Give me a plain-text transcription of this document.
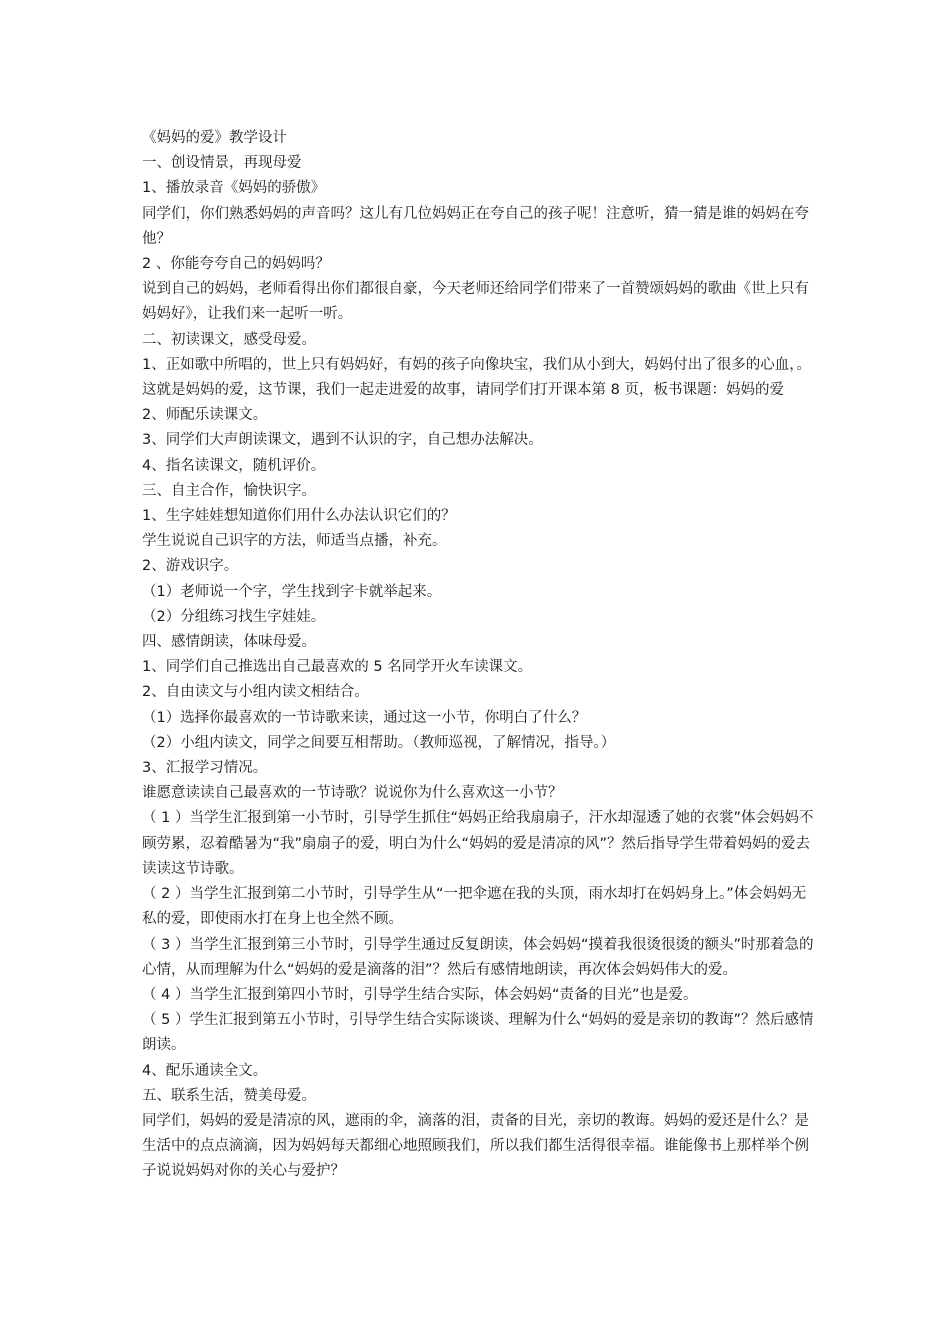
《妈妈的爱》教学设计

一、创设情景，再现母爱

1、播放录音《妈妈的骄傲》

同学们，你们熟悉妈妈的声音吗？这儿有几位妈妈正在夸自己的孩子呢！注意听，猜一猜是谁的妈妈在夸他？

2 、你能夸夸自己的妈妈吗？

说到自己的妈妈，老师看得出你们都很自豪，今天老师还给同学们带来了一首赞颂妈妈的歌曲《世上只有妈妈好》，让我们来一起听一听。

二、初读课文，感受母爱。

1、正如歌中所唱的，世上只有妈妈好，有妈的孩子向像块宝，我们从小到大，妈妈付出了很多的心血，。这就是妈妈的爱，这节课，我们一起走进爱的故事，请同学们打开课本第 8 页，板书课题：妈妈的爱

2、师配乐读课文。

3、同学们大声朗读课文，遇到不认识的字，自己想办法解决。

4、指名读课文，随机评价。

三、自主合作，愉快识字。

1、生字娃娃想知道你们用什么办法认识它们的？

学生说说自己识字的方法，师适当点播，补充。

2、游戏识字。

（1）老师说一个字，学生找到字卡就举起来。

（2）分组练习找生字娃娃。

四、感情朗读，体味母爱。

1、同学们自己推选出自己最喜欢的 5 名同学开火车读课文。

2、自由读文与小组内读文相结合。

（1）选择你最喜欢的一节诗歌来读，通过这一小节，你明白了什么？

（2）小组内读文，同学之间要互相帮助。（教师巡视，了解情况，指导。）

3、汇报学习情况。

谁愿意读读自己最喜欢的一节诗歌？说说你为什么喜欢这一小节？

（ 1 ）当学生汇报到第一小节时，引导学生抓住“妈妈正给我扇扇子，汗水却湿透了她的衣裳”体会妈妈不顾劳累，忍着酷暑为“我”扇扇子的爱，明白为什么“妈妈的爱是清凉的风”？然后指导学生带着妈妈的爱去读读这节诗歌。

（ 2 ）当学生汇报到第二小节时，引导学生从“一把伞遮在我的头顶，雨水却打在妈妈身上。”体会妈妈无私的爱，即使雨水打在身上也全然不顾。

（ 3 ）当学生汇报到第三小节时，引导学生通过反复朗读，体会妈妈“摸着我很烫很烫的额头”时那着急的心情，从而理解为什么“妈妈的爱是滴落的泪”？然后有感情地朗读，再次体会妈妈伟大的爱。

（ 4 ）当学生汇报到第四小节时，引导学生结合实际，体会妈妈“责备的目光”也是爱。

（ 5 ）学生汇报到第五小节时，引导学生结合实际谈谈、理解为什么“妈妈的爱是亲切的教诲”？然后感情朗读。

4、配乐通读全文。

五、联系生活，赞美母爱。

同学们，妈妈的爱是清凉的风，遮雨的伞，滴落的泪，责备的目光，亲切的教诲。妈妈的爱还是什么？是生活中的点点滴滴，因为妈妈每天都细心地照顾我们，所以我们都生活得很幸福。谁能像书上那样举个例子说说妈妈对你的关心与爱护？
